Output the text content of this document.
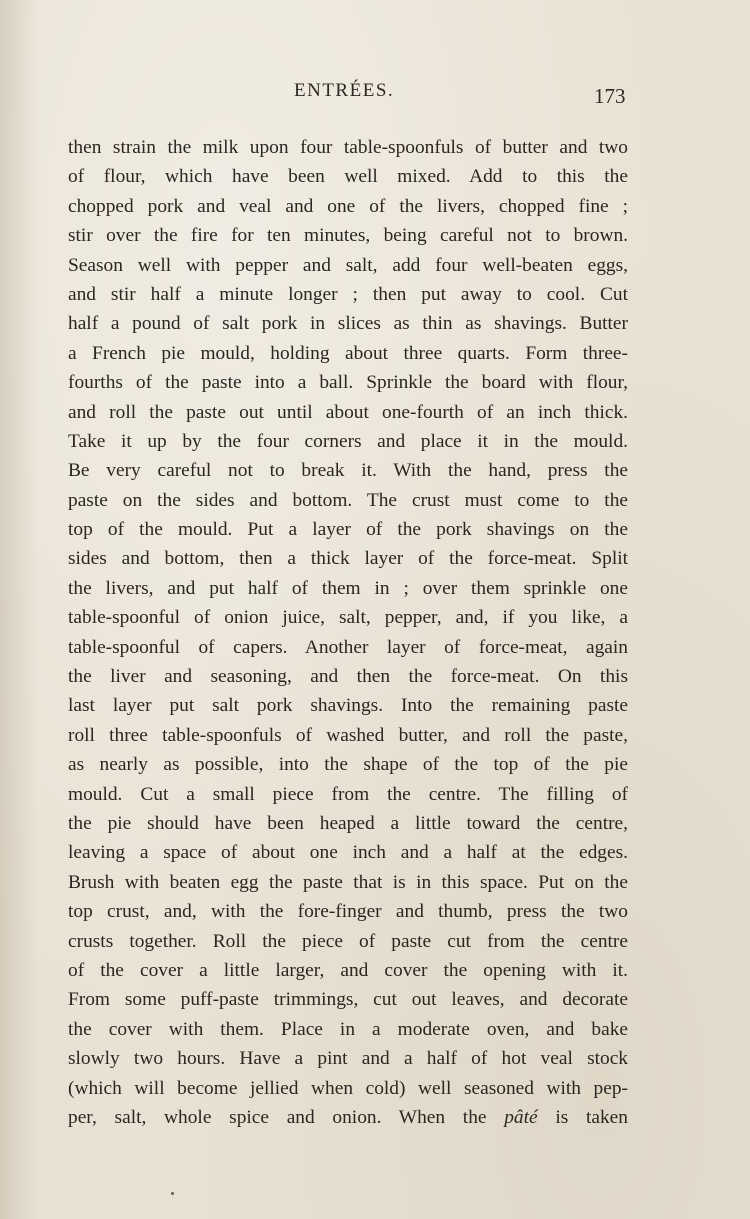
ENTRÉES.	173
then strain the milk upon four table-spoonfuls of butter and two
of flour, which have been well mixed. Add to this the
chopped pork and veal and one of the livers, chopped fine ;
stir over the fire for ten minutes, being careful not to brown.
Season well with pepper and salt, add four well-beaten eggs,
and stir half a minute longer ; then put away to cool. Cut
half a pound of salt pork in slices as thin as shavings. Butter
a French pie mould, holding about three quarts. Form three-
fourths of the paste into a ball. Sprinkle the board with flour,
and roll the paste out until about one-fourth of an inch thick.
Take it up by the four corners and place it in the mould.
Be very careful not to break it. With the hand, press the
paste on the sides and bottom. The crust must come to the
top of the mould. Put a layer of the pork shavings on the
sides and bottom, then a thick layer of the force-meat. Split
the livers, and put half of them in ; over them sprinkle one
table-spoonful of onion juice, salt, pepper, and, if you like, a
table-spoonful of capers. Another layer of force-meat, again
the liver and seasoning, and then the force-meat. On this
last layer put salt pork shavings. Into the remaining paste
roll three table-spoonfuls of washed butter, and roll the paste,
as nearly as possible, into the shape of the top of the pie
mould. Cut a small piece from the centre. The filling of
the pie should have been heaped a little toward the centre,
leaving a space of about one inch and a half at the edges.
Brush with beaten egg the paste that is in this space. Put on the
top crust, and, with the fore-finger and thumb, press the two
crusts together. Roll the piece of paste cut from the centre
of the cover a little larger, and cover the opening with it.
From some puff-paste trimmings, cut out leaves, and decorate
the cover with them. Place in a moderate oven, and bake
slowly two hours. Have a pint and a half of hot veal stock
(which will become jellied when cold) well seasoned with pep-
per, salt, whole spice and onion. When the pâté is taken
